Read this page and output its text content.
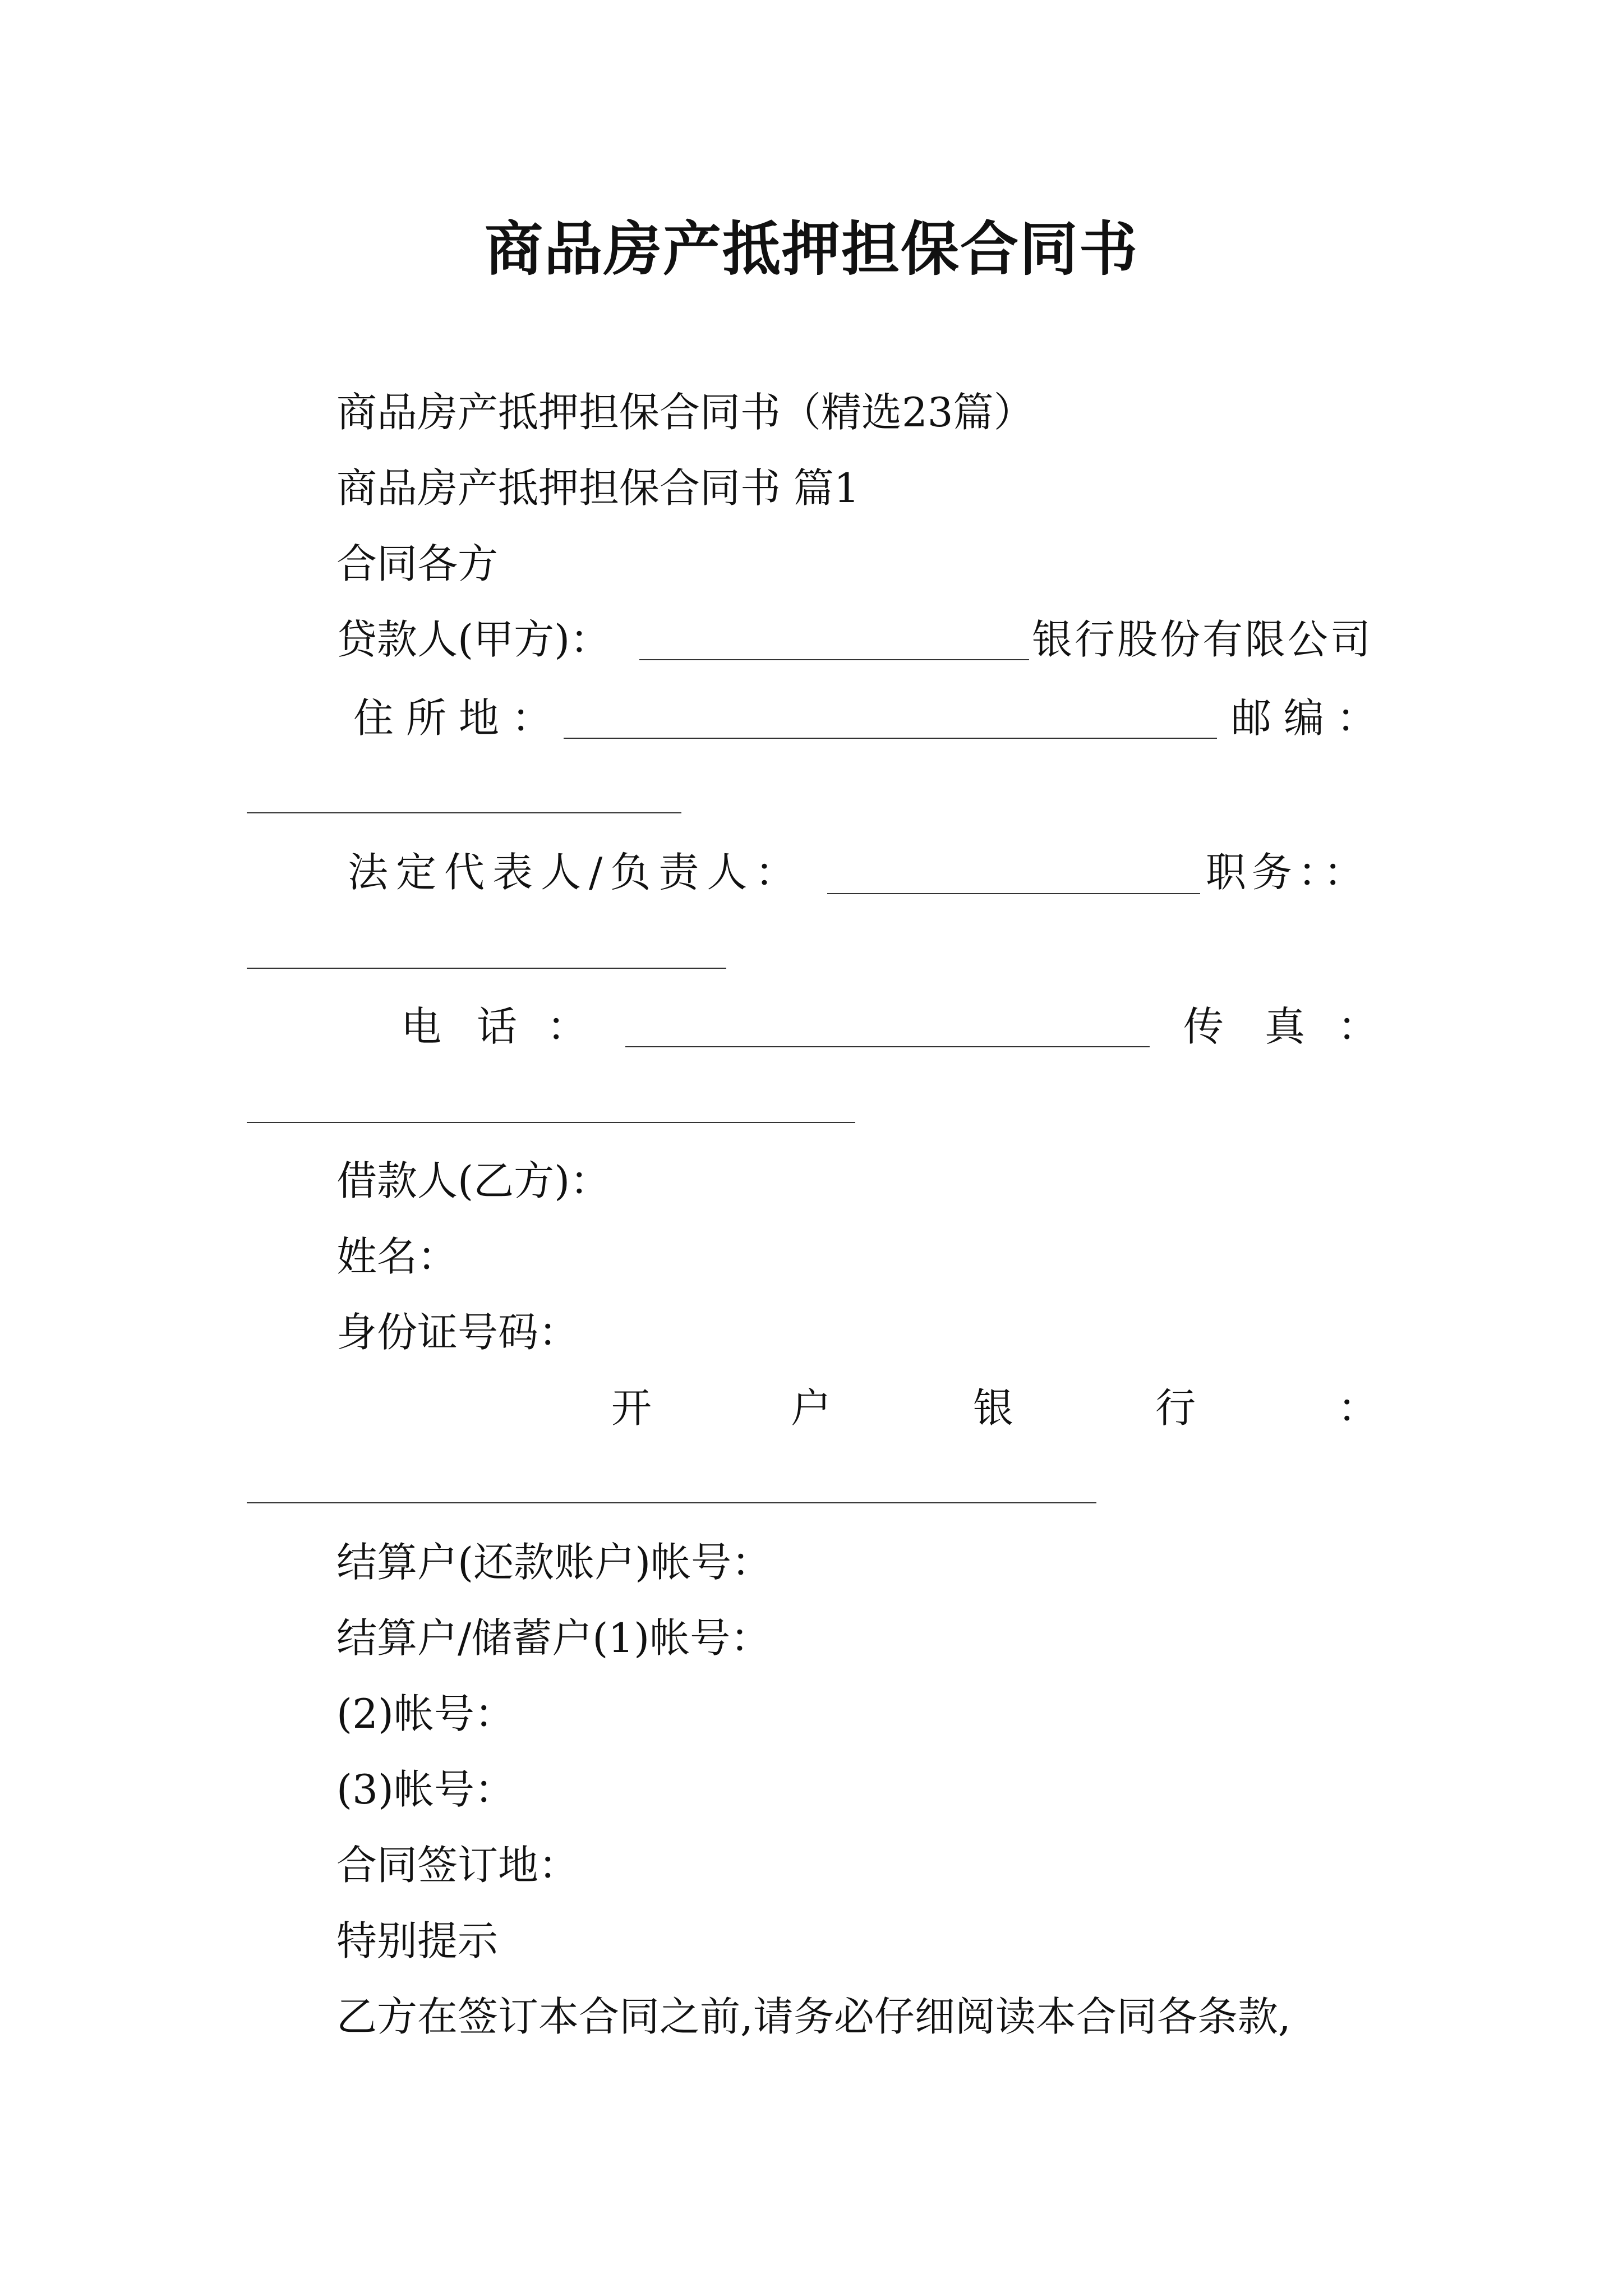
商品房产抵押担保合同书
商品房产抵押担保合同书（精选23篇）
商品房产抵押担保合同书 篇1
合同各方
贷款人(甲方)：	银行股份有限公司
住所地：	邮编：
法定代表人/负责人：	职务：：
电 话 ：	传 真 ：
借款人(乙方)：
姓名：
身份证号码：
开	户	银	行	：
结算户(还款账户)帐号：
结算户/储蓄户(1)帐号：
(2)帐号：
(3)帐号：
合同签订地：
特别提示
乙方在签订本合同之前,请务必仔细阅读本合同各条款,
